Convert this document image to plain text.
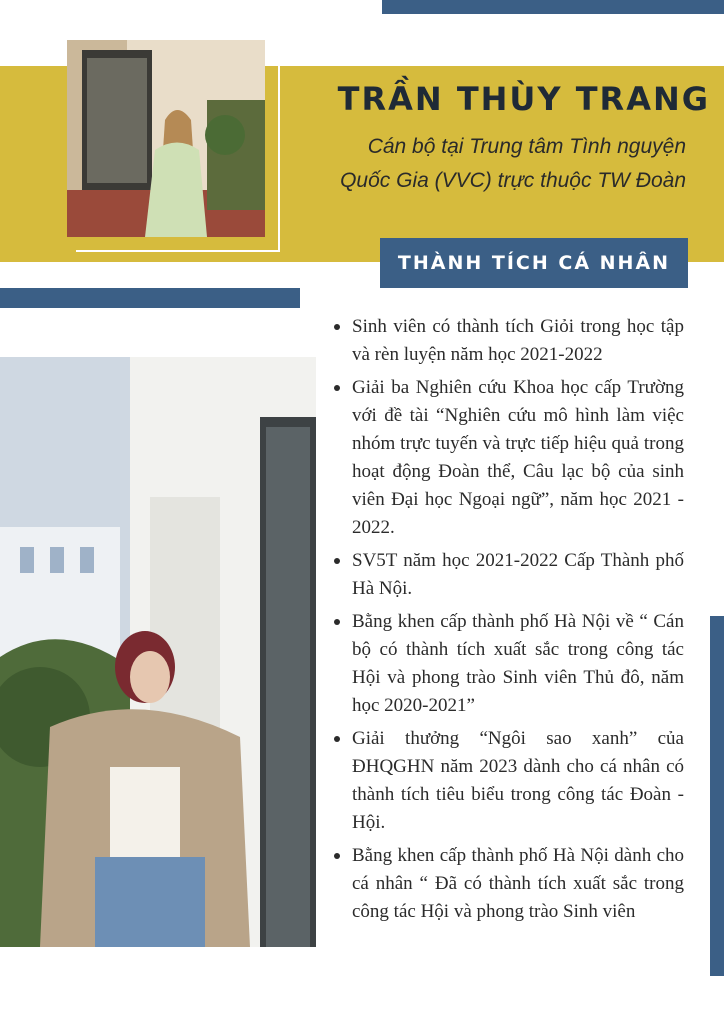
TRẦN THÙY TRANG
Cán bộ tại Trung tâm Tình nguyện
Quốc Gia (VVC) trực thuộc TW Đoàn
THÀNH TÍCH CÁ NHÂN
Sinh viên có thành tích Giỏi trong học tập và rèn luyện năm học 2021-2022
Giải ba Nghiên cứu Khoa học cấp Trường với đề tài “Nghiên cứu mô hình làm việc nhóm trực tuyến và trực tiếp hiệu quả trong hoạt động Đoàn thể, Câu lạc bộ của sinh viên Đại học Ngoại ngữ”, năm học 2021 - 2022.
SV5T năm học 2021-2022 Cấp Thành phố Hà Nội.
Bằng khen cấp thành phố Hà Nội về “ Cán bộ có thành tích xuất sắc trong công tác Hội và phong trào Sinh viên Thủ đô, năm học 2020-2021”
Giải thưởng “Ngôi sao xanh” của ĐHQGHN năm 2023 dành cho cá nhân có thành tích tiêu biểu trong công tác Đoàn - Hội.
Bằng khen cấp thành phố Hà Nội dành cho cá nhân “ Đã có thành tích xuất sắc trong công tác Hội và phong trào Sinh viên
